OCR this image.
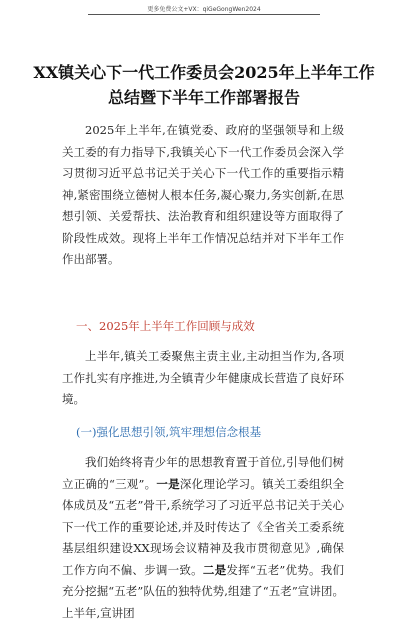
更多免费公文+VX：qiGeGongWen2024
XX镇关心下一代工作委员会2025年上半年工作总结暨下半年工作部署报告

2025年上半年,在镇党委、政府的坚强领导和上级关工委的有力指导下,我镇关心下一代工作委员会深入学习贯彻习近平总书记关于关心下一代工作的重要指示精神,紧密围绕立德树人根本任务,凝心聚力,务实创新,在思想引领、关爱帮扶、法治教育和组织建设等方面取得了阶段性成效。现将上半年工作情况总结并对下半年工作作出部署。

一、2025年上半年工作回顾与成效

上半年,镇关工委聚焦主责主业,主动担当作为,各项工作扎实有序推进,为全镇青少年健康成长营造了良好环境。

(一)强化思想引领,筑牢理想信念根基

我们始终将青少年的思想教育置于首位,引导他们树立正确的“三观”。一是深化理论学习。镇关工委组织全体成员及“五老”骨干,系统学习了习近平总书记关于关心下一代工作的重要论述,并及时传达了《全省关工委系统基层组织建设XX现场会议精神及我市贯彻意见》,确保工作方向不偏、步调一致。二是发挥“五老”优势。我们充分挖掘“五老”队伍的独特优势,组建了“五老”宣讲团。上半年,宣讲团
